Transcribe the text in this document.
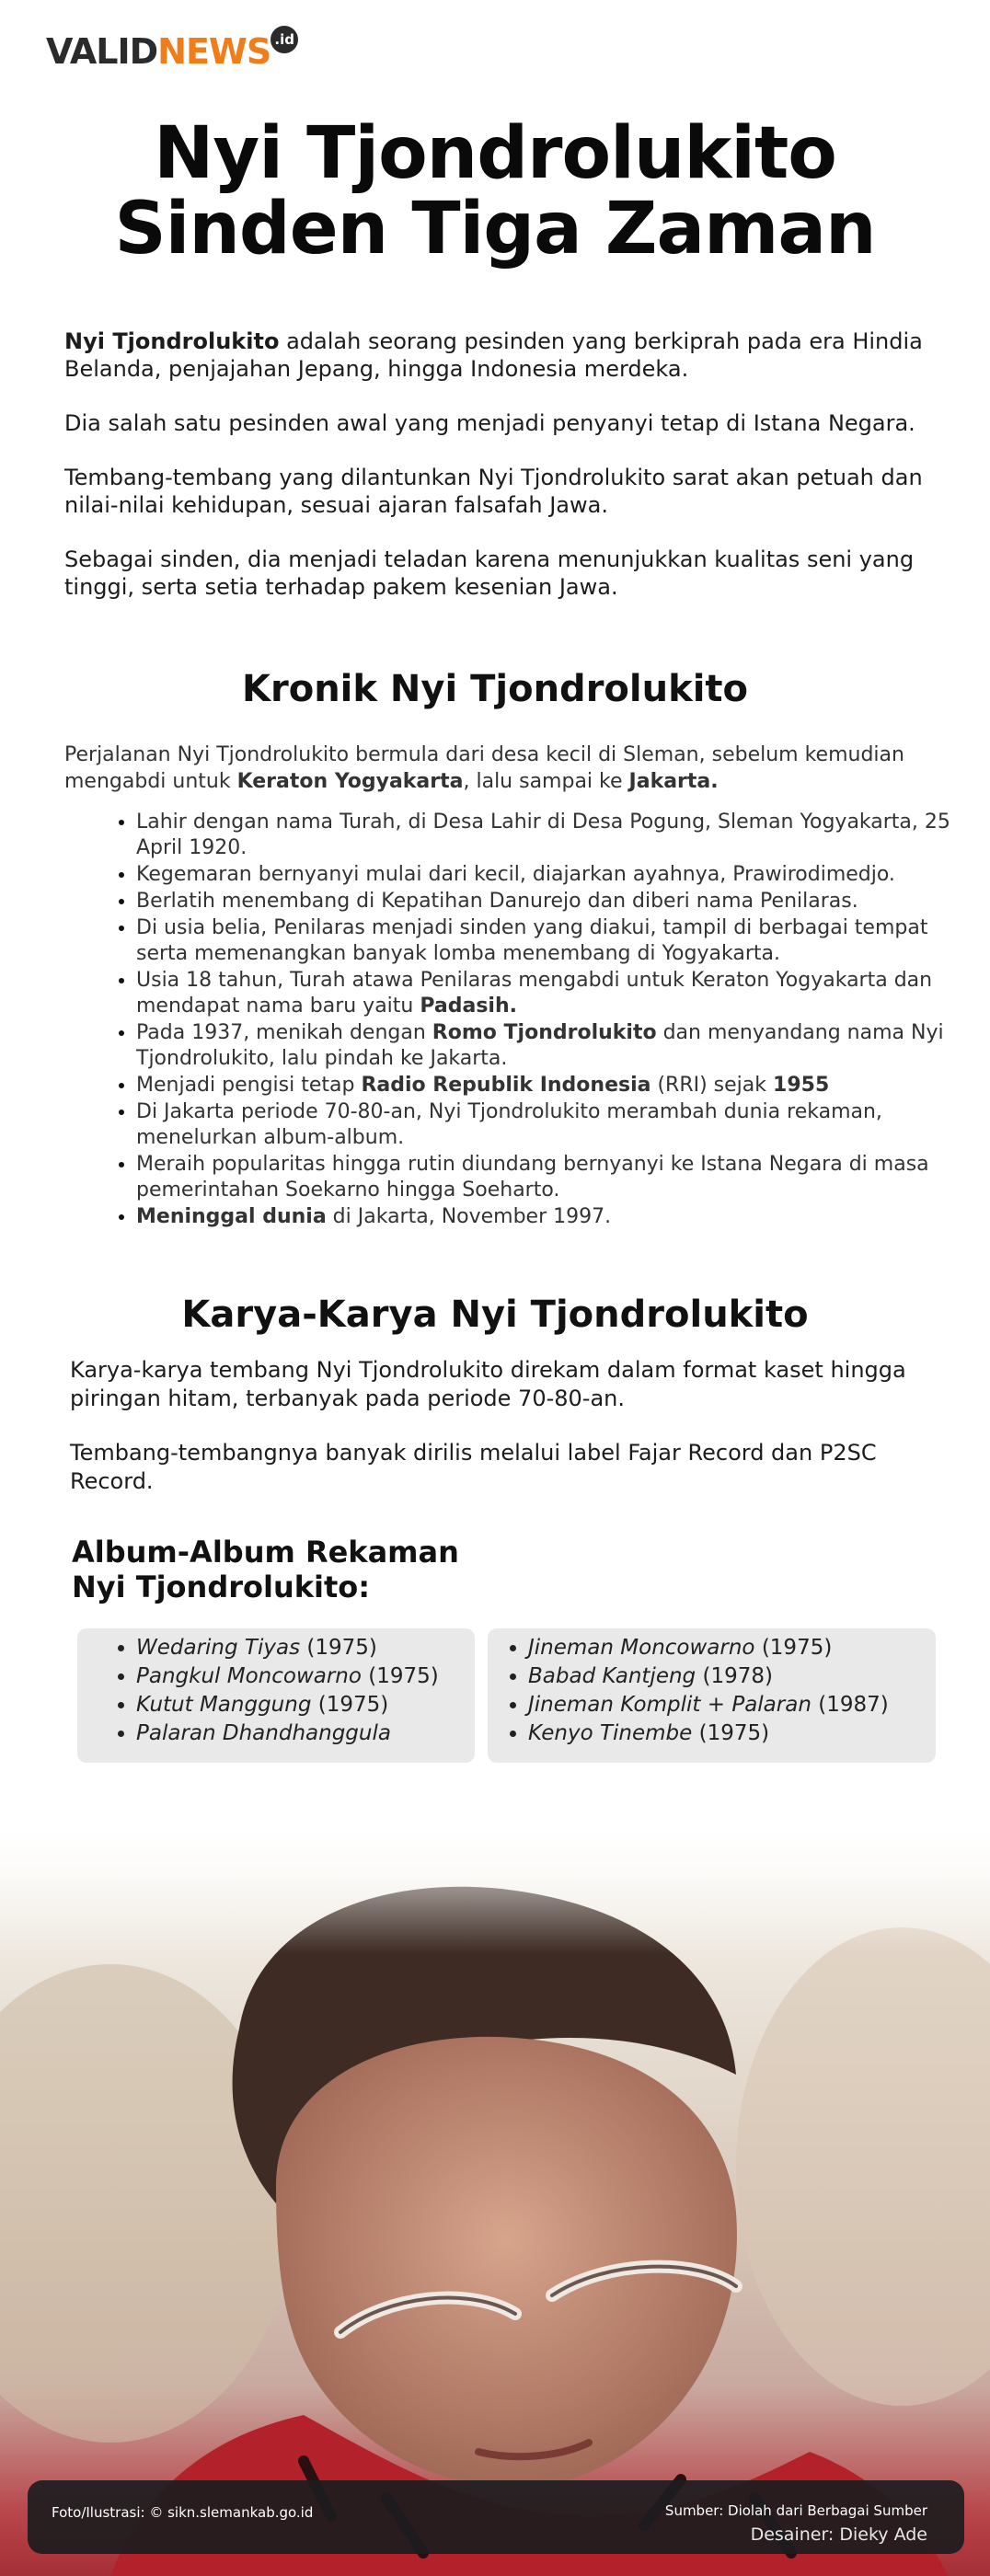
VALIDNEWS .id
Nyi Tjondrolukito
Sinden Tiga Zaman

Nyi Tjondrolukito adalah seorang pesinden yang berkiprah pada era Hindia Belanda, penjajahan Jepang, hingga Indonesia merdeka.

Dia salah satu pesinden awal yang menjadi penyanyi tetap di Istana Negara.

Tembang-tembang yang dilantunkan Nyi Tjondrolukito sarat akan petuah dan nilai-nilai kehidupan, sesuai ajaran falsafah Jawa.

Sebagai sinden, dia menjadi teladan karena menunjukkan kualitas seni yang tinggi, serta setia terhadap pakem kesenian Jawa.

Kronik Nyi Tjondrolukito

Perjalanan Nyi Tjondrolukito bermula dari desa kecil di Sleman, sebelum kemudian mengabdi untuk Keraton Yogyakarta, lalu sampai ke Jakarta.

• Lahir dengan nama Turah, di Desa Lahir di Desa Pogung, Sleman Yogyakarta, 25 April 1920.
• Kegemaran bernyanyi mulai dari kecil, diajarkan ayahnya, Prawirodimedjo.
• Berlatih menembang di Kepatihan Danurejo dan diberi nama Penilaras.
• Di usia belia, Penilaras menjadi sinden yang diakui, tampil di berbagai tempat serta memenangkan banyak lomba menembang di Yogyakarta.
• Usia 18 tahun, Turah atawa Penilaras mengabdi untuk Keraton Yogyakarta dan mendapat nama baru yaitu Padasih.
• Pada 1937, menikah dengan Romo Tjondrolukito dan menyandang nama Nyi Tjondrolukito, lalu pindah ke Jakarta.
• Menjadi pengisi tetap Radio Republik Indonesia (RRI) sejak 1955
• Di Jakarta periode 70-80-an, Nyi Tjondrolukito merambah dunia rekaman, menelurkan album-album.
• Meraih popularitas hingga rutin diundang bernyanyi ke Istana Negara di masa pemerintahan Soekarno hingga Soeharto.
• Meninggal dunia di Jakarta, November 1997.
Karya-Karya Nyi Tjondrolukito

Karya-karya tembang Nyi Tjondrolukito direkam dalam format kaset hingga piringan hitam, terbanyak pada periode 70-80-an.

Tembang-tembangnya banyak dirilis melalui label Fajar Record dan P2SC Record.

Album-Album Rekaman
Nyi Tjondrolukito:
• Wedaring Tiyas (1975)
• Pangkul Moncowarno (1975)
• Kutut Manggung (1975)
• Palaran Dhandhanggula
• Jineman Moncowarno (1975)
• Babad Kantjeng (1978)
• Jineman Komplit + Palaran (1987)
• Kenyo Tinembe (1975)
Foto/Ilustrasi: © sikn.slemankab.go.id	Sumber: Diolah dari Berbagai Sumber
Desainer: Dieky Ade
